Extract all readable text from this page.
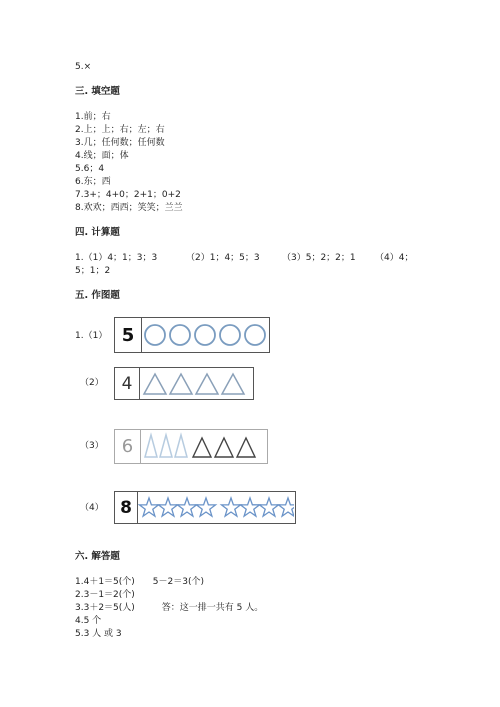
5.×
三. 填空题
1.前；右
2.上；上；右；左；右
3.几；任何数；任何数
4.线；面；体
5.6；4
6.东；西
7.3+；4+0；2+1；0+2
8.欢欢；西西；笑笑；兰兰
四. 计算题
1.（1）4；1；3；3	（2）1；4；5；3 （3）5；2；2；1 （4）4；
5；1；2
五. 作图题
1.（1） 5
（2）	4
（3）	6
（4） 8
六. 解答题
1.4＋1＝5(个)　　5－2＝3(个)
2.3－1＝2(个)
3.3＋2＝5(人)　　　答：这一排一共有 5 人。
4.5 个
5.3 人 或 3
